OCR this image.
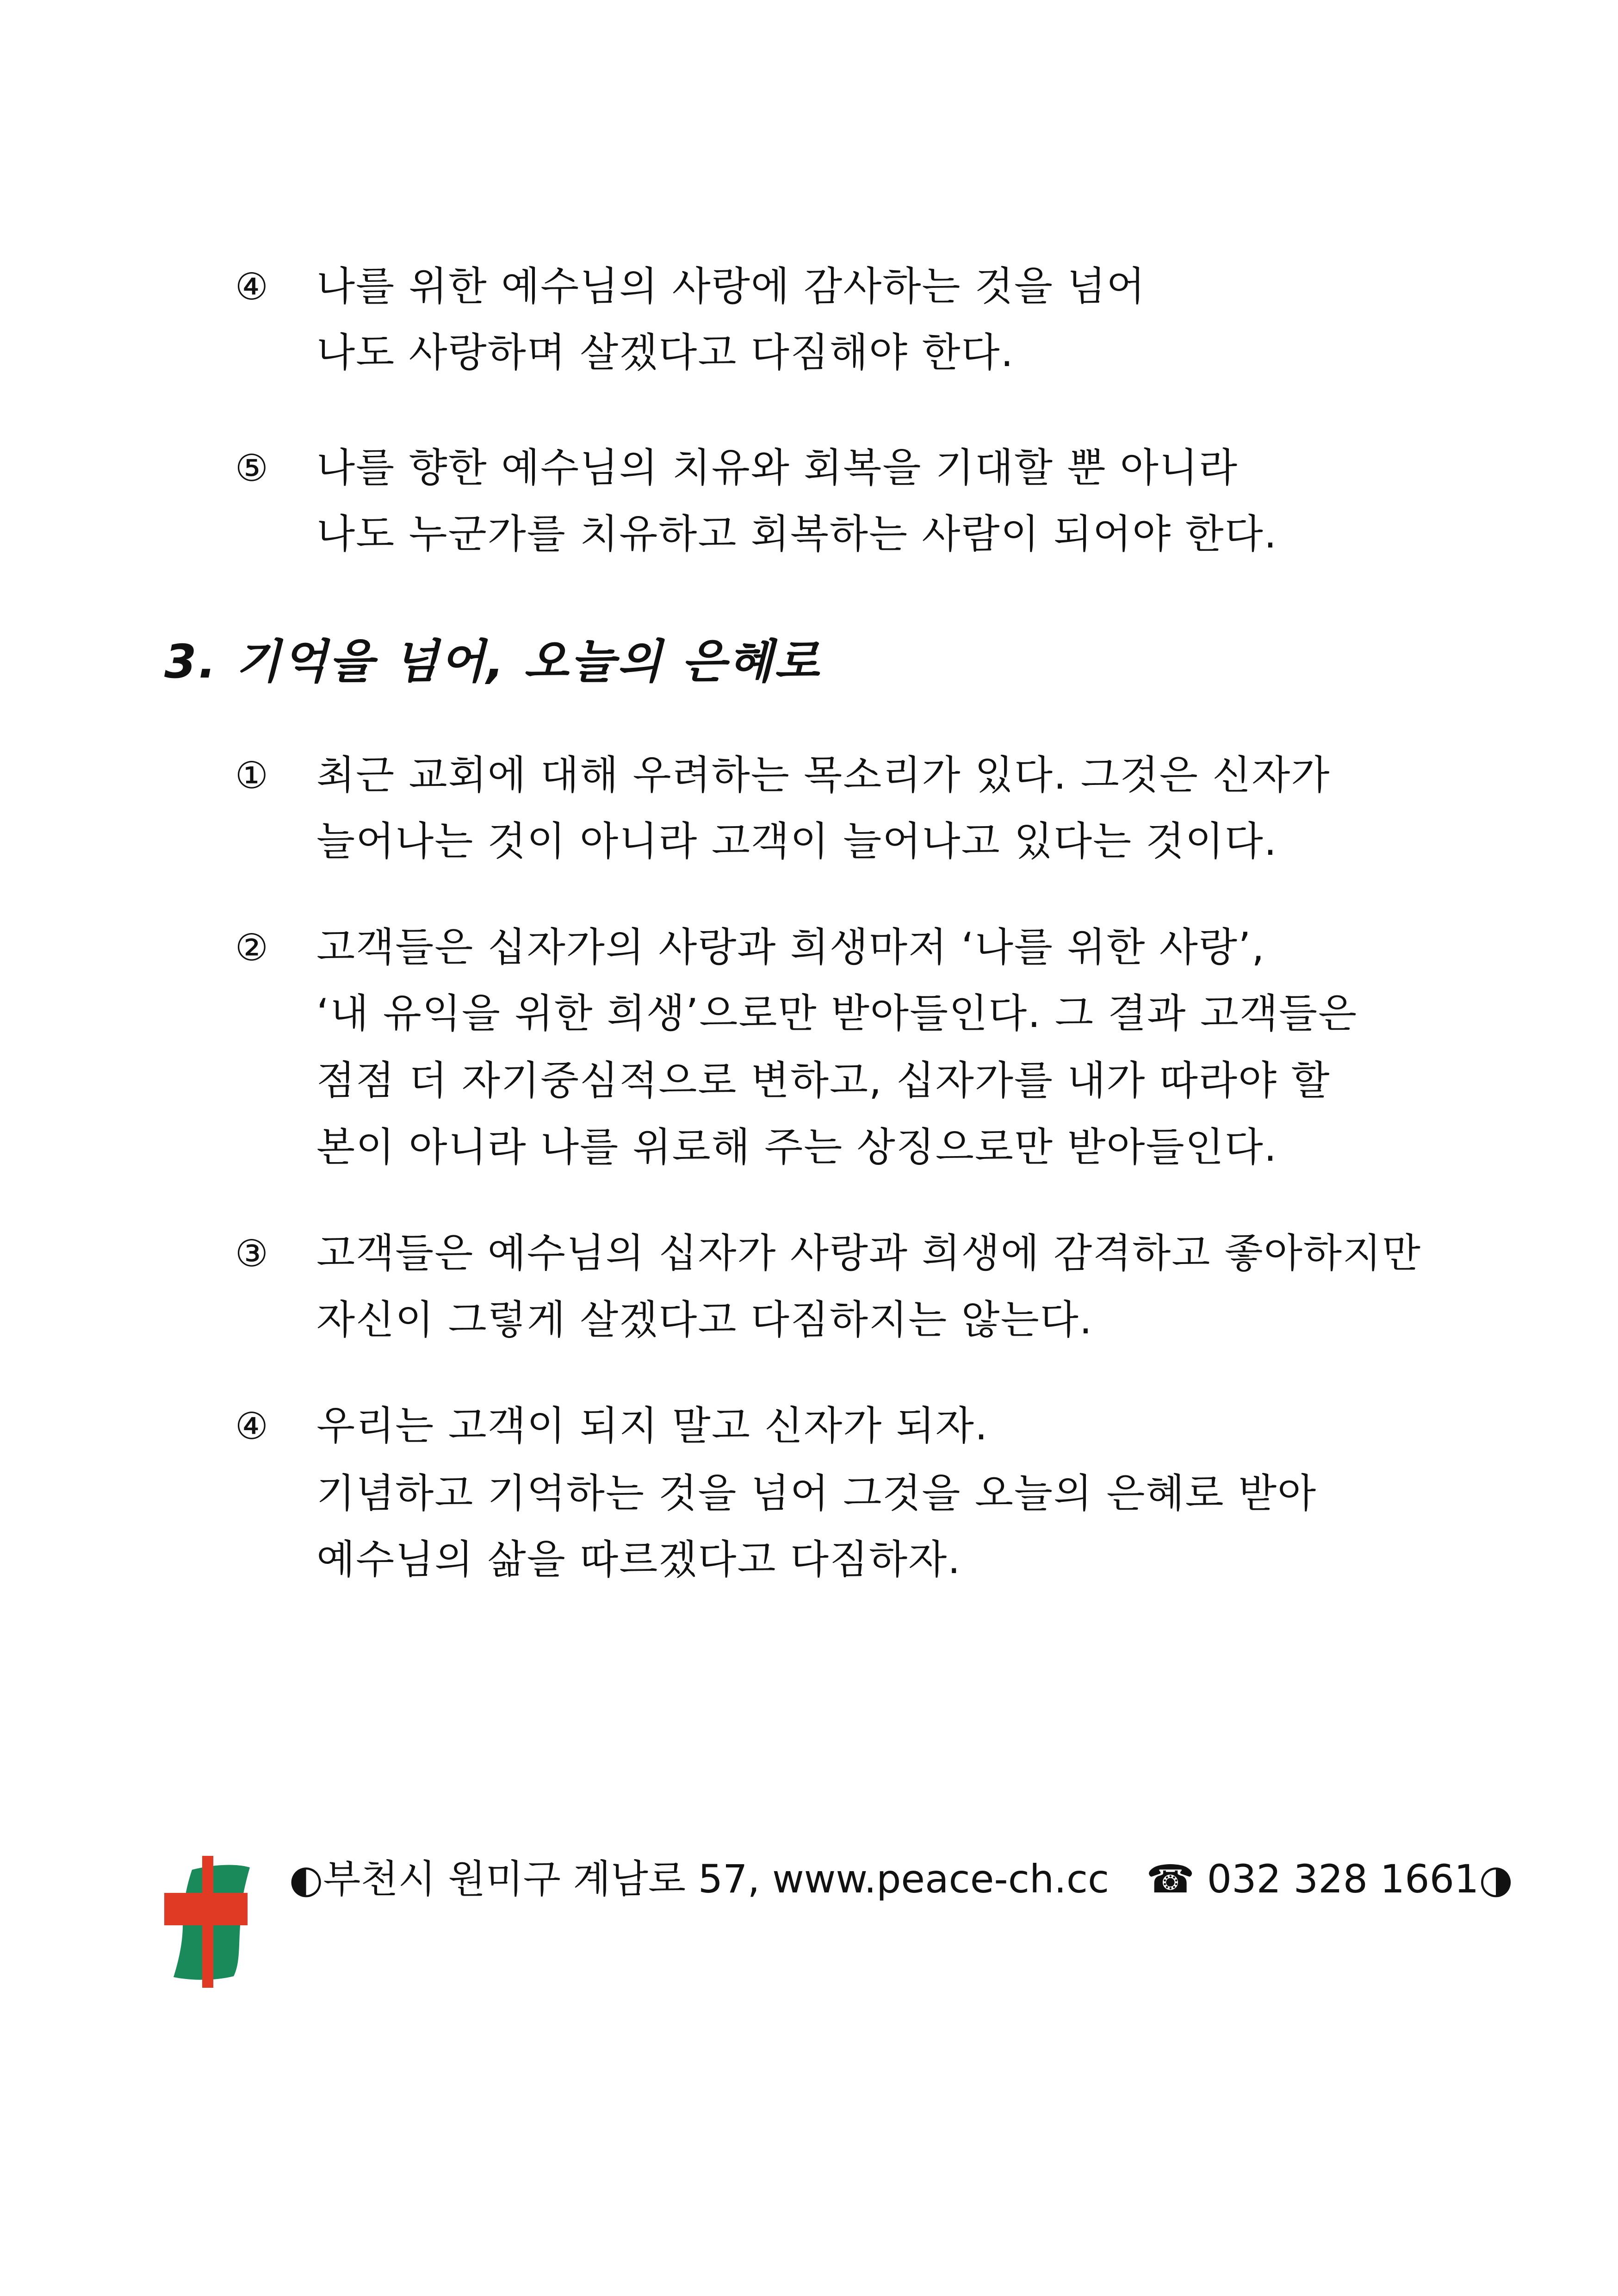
④ 나를 위한 예수님의 사랑에 감사하는 것을 넘어
나도 사랑하며 살겠다고 다짐해야 한다.
⑤ 나를 향한 예수님의 치유와 회복을 기대할 뿐 아니라
나도 누군가를 치유하고 회복하는 사람이 되어야 한다.
3. 기억을 넘어, 오늘의 은혜로
① 최근 교회에 대해 우려하는 목소리가 있다. 그것은 신자가
늘어나는 것이 아니라 고객이 늘어나고 있다는 것이다.
② 고객들은 십자가의 사랑과 희생마저 ‘나를 위한 사랑’,
‘내 유익을 위한 희생’으로만 받아들인다. 그 결과 고객들은
점점 더 자기중심적으로 변하고, 십자가를 내가 따라야 할
본이 아니라 나를 위로해 주는 상징으로만 받아들인다.
③ 고객들은 예수님의 십자가 사랑과 희생에 감격하고 좋아하지만
자신이 그렇게 살겠다고 다짐하지는 않는다.
④ 우리는 고객이 되지 말고 신자가 되자.
기념하고 기억하는 것을 넘어 그것을 오늘의 은혜로 받아
예수님의 삶을 따르겠다고 다짐하자.
◐부천시 원미구 계남로 57, www.peace-ch.cc   ☎ 032 328 1661◑
